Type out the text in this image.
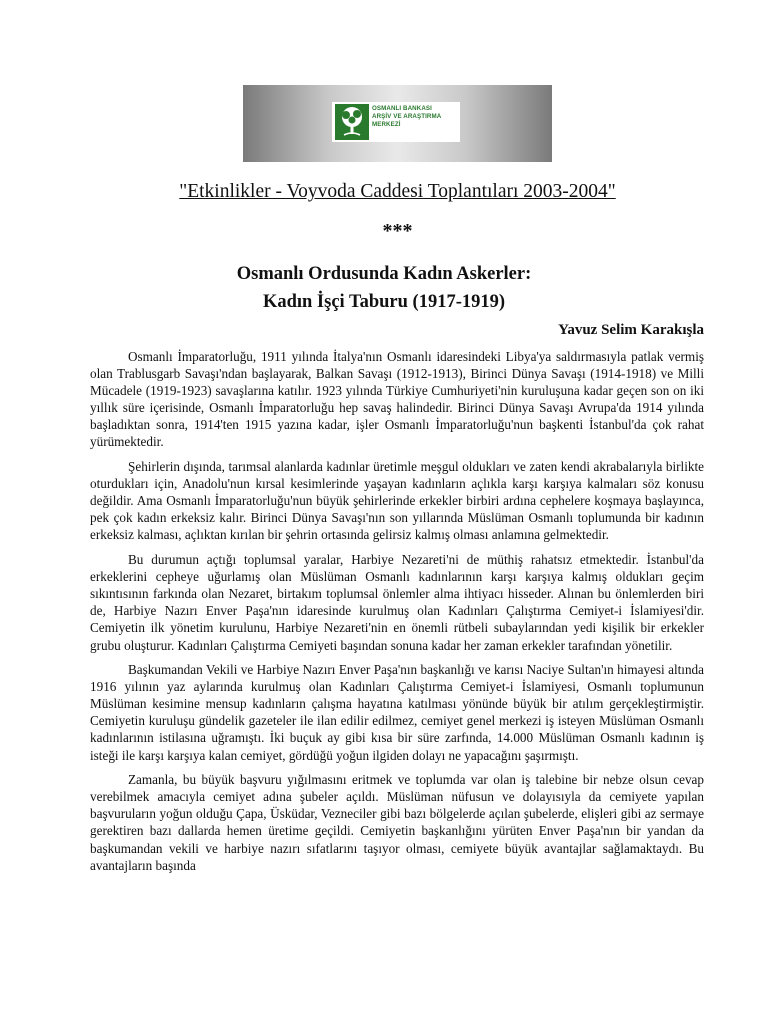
OSMANLI BANKASI
ARŞİV VE ARAŞTIRMA
MERKEZİ
"Etkinlikler - Voyvoda Caddesi Toplantıları 2003-2004"
***
Osmanlı Ordusunda Kadın Askerler:
Kadın İşçi Taburu (1917-1919)
Yavuz Selim Karakışla

Osmanlı İmparatorluğu, 1911 yılında İtalya'nın Osmanlı idaresindeki Libya'ya saldırmasıyla patlak vermiş olan Trablusgarb Savaşı'ndan başlayarak, Balkan Savaşı (1912-1913), Birinci Dünya Savaşı (1914-1918) ve Milli Mücadele (1919-1923) savaşlarına katılır. 1923 yılında Türkiye Cumhuriyeti'nin kuruluşuna kadar geçen son on iki yıllık süre içerisinde, Osmanlı İmparatorluğu hep savaş halindedir. Birinci Dünya Savaşı Avrupa'da 1914 yılında başladıktan sonra, 1914'ten 1915 yazına kadar, işler Osmanlı İmparatorluğu'nun başkenti İstanbul'da çok rahat yürümektedir.

Şehirlerin dışında, tarımsal alanlarda kadınlar üretimle meşgul oldukları ve zaten kendi akrabalarıyla birlikte oturdukları için, Anadolu'nun kırsal kesimlerinde yaşayan kadınların açlıkla karşı karşıya kalmaları söz konusu değildir. Ama Osmanlı İmparatorluğu'nun büyük şehirlerinde erkekler birbiri ardına cephelere koşmaya başlayınca, pek çok kadın erkeksiz kalır. Birinci Dünya Savaşı'nın son yıllarında Müslüman Osmanlı toplumunda bir kadının erkeksiz kalması, açlıktan kırılan bir şehrin ortasında gelirsiz kalmış olması anlamına gelmektedir.

Bu durumun açtığı toplumsal yaralar, Harbiye Nezareti'ni de müthiş rahatsız etmektedir. İstanbul'da erkeklerini cepheye uğurlamış olan Müslüman Osmanlı kadınlarının karşı karşıya kalmış oldukları geçim sıkıntısının farkında olan Nezaret, birtakım toplumsal önlemler alma ihtiyacı hisseder. Alınan bu önlemlerden biri de, Harbiye Nazırı Enver Paşa'nın idaresinde kurulmuş olan Kadınları Çalıştırma Cemiyet-i İslamiyesi'dir. Cemiyetin ilk yönetim kurulunu, Harbiye Nezareti'nin en önemli rütbeli subaylarından yedi kişilik bir erkekler grubu oluşturur. Kadınları Çalıştırma Cemiyeti başından sonuna kadar her zaman erkekler tarafından yönetilir.

Başkumandan Vekili ve Harbiye Nazırı Enver Paşa'nın başkanlığı ve karısı Naciye Sultan'ın himayesi altında 1916 yılının yaz aylarında kurulmuş olan Kadınları Çalıştırma Cemiyet-i İslamiyesi, Osmanlı toplumunun Müslüman kesimine mensup kadınların çalışma hayatına katılması yönünde büyük bir atılım gerçekleştirmiştir. Cemiyetin kuruluşu gündelik gazeteler ile ilan edilir edilmez, cemiyet genel merkezi iş isteyen Müslüman Osmanlı kadınlarının istilasına uğramıştı. İki buçuk ay gibi kısa bir süre zarfında, 14.000 Müslüman Osmanlı kadının iş isteği ile karşı karşıya kalan cemiyet, gördüğü yoğun ilgiden dolayı ne yapacağını şaşırmıştı.

Zamanla, bu büyük başvuru yığılmasını eritmek ve toplumda var olan iş talebine bir nebze olsun cevap verebilmek amacıyla cemiyet adına şubeler açıldı. Müslüman nüfusun ve dolayısıyla da cemiyete yapılan başvuruların yoğun olduğu Çapa, Üsküdar, Vezneciler gibi bazı bölgelerde açılan şubelerde, elişleri gibi az sermaye gerektiren bazı dallarda hemen üretime geçildi. Cemiyetin başkanlığını yürüten Enver Paşa'nın bir yandan da başkumandan vekili ve harbiye nazırı sıfatlarını taşıyor olması, cemiyete büyük avantajlar sağlamaktaydı. Bu avantajların başında
